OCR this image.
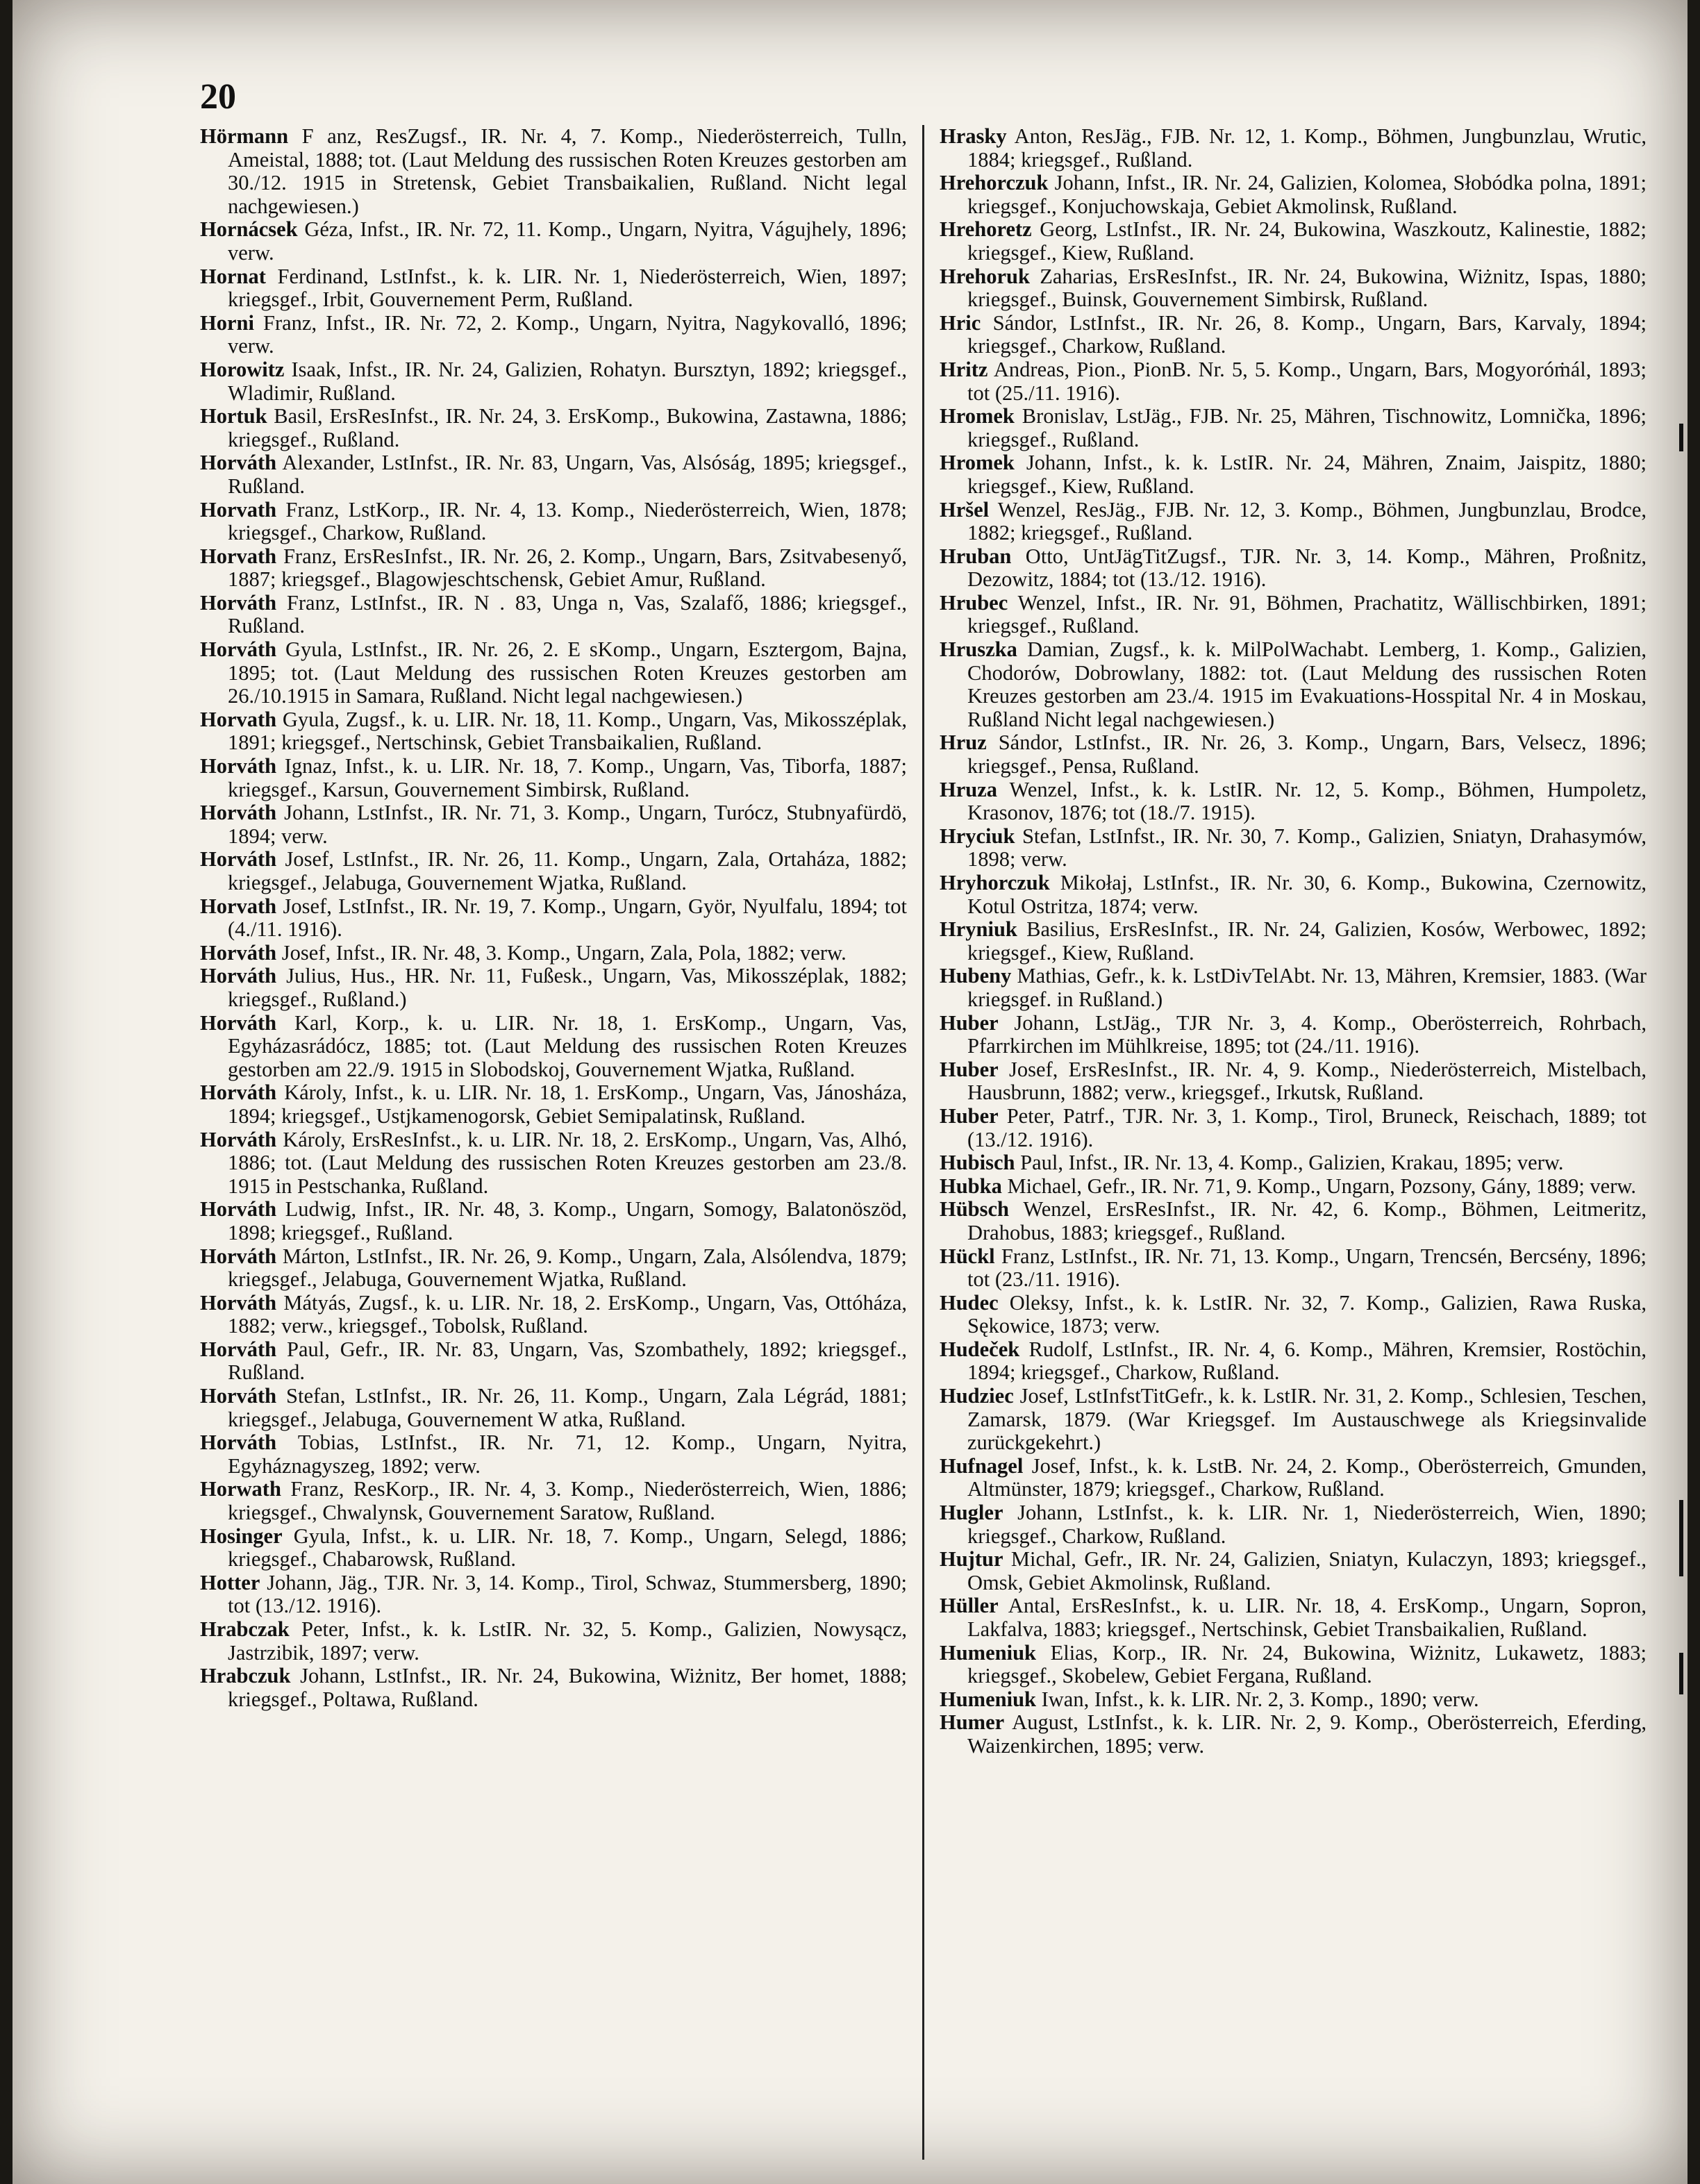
20

Hörmann F anz, ResZugsf., IR. Nr. 4, 7. Komp., Niederösterreich, Tulln, Ameistal, 1888; tot. (Laut Meldung des russischen Roten Kreuzes gestorben am 30./12. 1915 in Stretensk, Gebiet Transbaikalien, Rußland. Nicht legal nachgewiesen.)

Hornácsek Géza, Infst., IR. Nr. 72, 11. Komp., Ungarn, Nyitra, Vágujhely, 1896; verw.

Hornat Ferdinand, LstInfst., k. k. LIR. Nr. 1, Niederösterreich, Wien, 1897; kriegsgef., Irbit, Gouvernement Perm, Rußland.

Horni Franz, Infst., IR. Nr. 72, 2. Komp., Ungarn, Nyitra, Nagykovalló, 1896; verw.

Horowitz Isaak, Infst., IR. Nr. 24, Galizien, Rohatyn. Bursztyn, 1892; kriegsgef., Wladimir, Rußland.

Hortuk Basil, ErsResInfst., IR. Nr. 24, 3. ErsKomp., Bukowina, Zastawna, 1886; kriegsgef., Rußland.

Horváth Alexander, LstInfst., IR. Nr. 83, Ungarn, Vas, Alsóság, 1895; kriegsgef., Rußland.

Horvath Franz, LstKorp., IR. Nr. 4, 13. Komp., Niederösterreich, Wien, 1878; kriegsgef., Charkow, Rußland.

Horvath Franz, ErsResInfst., IR. Nr. 26, 2. Komp., Ungarn, Bars, Zsitvabesenyő, 1887; kriegsgef., Blagowjeschtschensk, Gebiet Amur, Rußland.

Horváth Franz, LstInfst., IR. N . 83, Unga n, Vas, Szalafő, 1886; kriegsgef., Rußland.

Horváth Gyula, LstInfst., IR. Nr. 26, 2. E sKomp., Ungarn, Esztergom, Bajna, 1895; tot. (Laut Meldung des russischen Roten Kreuzes gestorben am 26./10.1915 in Samara, Rußland. Nicht legal nachgewiesen.)

Horvath Gyula, Zugsf., k. u. LIR. Nr. 18, 11. Komp., Ungarn, Vas, Mikosszéplak, 1891; kriegsgef., Nertschinsk, Gebiet Transbaikalien, Rußland.

Horváth Ignaz, Infst., k. u. LIR. Nr. 18, 7. Komp., Ungarn, Vas, Tiborfa, 1887; kriegsgef., Karsun, Gouvernement Simbirsk, Rußland.

Horváth Johann, LstInfst., IR. Nr. 71, 3. Komp., Ungarn, Turócz, Stubnyafürdö, 1894; verw.

Horváth Josef, LstInfst., IR. Nr. 26, 11. Komp., Ungarn, Zala, Ortaháza, 1882; kriegsgef., Jelabuga, Gouvernement Wjatka, Rußland.

Horvath Josef, LstInfst., IR. Nr. 19, 7. Komp., Ungarn, Györ, Nyulfalu, 1894; tot (4./11. 1916).

Horváth Josef, Infst., IR. Nr. 48, 3. Komp., Ungarn, Zala, Pola, 1882; verw.

Horváth Julius, Hus., HR. Nr. 11, Fußesk., Ungarn, Vas, Mikosszéplak, 1882; kriegsgef., Rußland.)

Horváth Karl, Korp., k. u. LIR. Nr. 18, 1. ErsKomp., Ungarn, Vas, Egyházasrádócz, 1885; tot. (Laut Meldung des russischen Roten Kreuzes gestorben am 22./9. 1915 in Slobodskoj, Gouvernement Wjatka, Rußland.

Horváth Károly, Infst., k. u. LIR. Nr. 18, 1. ErsKomp., Ungarn, Vas, Jánosháza, 1894; kriegsgef., Ustjkamenogorsk, Gebiet Semipalatinsk, Rußland.

Horváth Károly, ErsResInfst., k. u. LIR. Nr. 18, 2. ErsKomp., Ungarn, Vas, Alhó, 1886; tot. (Laut Meldung des russischen Roten Kreuzes gestorben am 23./8. 1915 in Pestschanka, Rußland.

Horváth Ludwig, Infst., IR. Nr. 48, 3. Komp., Ungarn, Somogy, Balatonöszöd, 1898; kriegsgef., Rußland.

Horváth Márton, LstInfst., IR. Nr. 26, 9. Komp., Ungarn, Zala, Alsólendva, 1879; kriegsgef., Jelabuga, Gouvernement Wjatka, Rußland.

Horváth Mátyás, Zugsf., k. u. LIR. Nr. 18, 2. ErsKomp., Ungarn, Vas, Ottóháza, 1882; verw., kriegsgef., Tobolsk, Rußland.

Horváth Paul, Gefr., IR. Nr. 83, Ungarn, Vas, Szombathely, 1892; kriegsgef., Rußland.

Horváth Stefan, LstInfst., IR. Nr. 26, 11. Komp., Ungarn, Zala Légrád, 1881; kriegsgef., Jelabuga, Gouvernement W atka, Rußland.

Horváth Tobias, LstInfst., IR. Nr. 71, 12. Komp., Ungarn, Nyitra, Egyháznagyszeg, 1892; verw.

Horwath Franz, ResKorp., IR. Nr. 4, 3. Komp., Niederösterreich, Wien, 1886; kriegsgef., Chwalynsk, Gouvernement Saratow, Rußland.

Hosinger Gyula, Infst., k. u. LIR. Nr. 18, 7. Komp., Ungarn, Selegd, 1886; kriegsgef., Chabarowsk, Rußland.

Hotter Johann, Jäg., TJR. Nr. 3, 14. Komp., Tirol, Schwaz, Stummersberg, 1890; tot (13./12. 1916).

Hrabczak Peter, Infst., k. k. LstIR. Nr. 32, 5. Komp., Galizien, Nowysącz, Jastrzibik, 1897; verw.

Hrabczuk Johann, LstInfst., IR. Nr. 24, Bukowina, Wiżnitz, Ber homet, 1888; kriegsgef., Poltawa, Rußland.

Hrasky Anton, ResJäg., FJB. Nr. 12, 1. Komp., Böhmen, Jungbunzlau, Wrutic, 1884; kriegsgef., Rußland.

Hrehorczuk Johann, Infst., IR. Nr. 24, Galizien, Kolomea, Słobódka polna, 1891; kriegsgef., Konjuchowskaja, Gebiet Akmolinsk, Rußland.

Hrehoretz Georg, LstInfst., IR. Nr. 24, Bukowina, Waszkoutz, Kalinestie, 1882; kriegsgef., Kiew, Rußland.

Hrehoruk Zaharias, ErsResInfst., IR. Nr. 24, Bukowina, Wiżnitz, Ispas, 1880; kriegsgef., Buinsk, Gouvernement Simbirsk, Rußland.

Hric Sándor, LstInfst., IR. Nr. 26, 8. Komp., Ungarn, Bars, Karvaly, 1894; kriegsgef., Charkow, Rußland.

Hritz Andreas, Pion., PionB. Nr. 5, 5. Komp., Ungarn, Bars, Mogyoróṁál, 1893; tot (25./11. 1916).

Hromek Bronislav, LstJäg., FJB. Nr. 25, Mähren, Tischnowitz, Lomnička, 1896; kriegsgef., Rußland.

Hromek Johann, Infst., k. k. LstIR. Nr. 24, Mähren, Znaim, Jaispitz, 1880; kriegsgef., Kiew, Rußland.

Hršel Wenzel, ResJäg., FJB. Nr. 12, 3. Komp., Böhmen, Jungbunzlau, Brodce, 1882; kriegsgef., Rußland.

Hruban Otto, UntJägTitZugsf., TJR. Nr. 3, 14. Komp., Mähren, Proßnitz, Dezowitz, 1884; tot (13./12. 1916).

Hrubec Wenzel, Infst., IR. Nr. 91, Böhmen, Prachatitz, Wällischbirken, 1891; kriegsgef., Rußland.

Hruszka Damian, Zugsf., k. k. MilPolWachabt. Lemberg, 1. Komp., Galizien, Chodorów, Dobrowlany, 1882: tot. (Laut Meldung des russischen Roten Kreuzes gestorben am 23./4. 1915 im Evakuations-Hosspital Nr. 4 in Moskau, Rußland Nicht legal nachgewiesen.)

Hruz Sándor, LstInfst., IR. Nr. 26, 3. Komp., Ungarn, Bars, Velsecz, 1896; kriegsgef., Pensa, Rußland.

Hruza Wenzel, Infst., k. k. LstIR. Nr. 12, 5. Komp., Böhmen, Humpoletz, Krasonov, 1876; tot (18./7. 1915).

Hryciuk Stefan, LstInfst., IR. Nr. 30, 7. Komp., Galizien, Sniatyn, Drahasymów, 1898; verw.

Hryhorczuk Mikołaj, LstInfst., IR. Nr. 30, 6. Komp., Bukowina, Czernowitz, Kotul Ostritza, 1874; verw.

Hryniuk Basilius, ErsResInfst., IR. Nr. 24, Galizien, Kosów, Werbowec, 1892; kriegsgef., Kiew, Rußland.

Hubeny Mathias, Gefr., k. k. LstDivTelAbt. Nr. 13, Mähren, Kremsier, 1883. (War kriegsgef. in Rußland.)

Huber Johann, LstJäg., TJR Nr. 3, 4. Komp., Oberösterreich, Rohrbach, Pfarrkirchen im Mühlkreise, 1895; tot (24./11. 1916).

Huber Josef, ErsResInfst., IR. Nr. 4, 9. Komp., Niederösterreich, Mistelbach, Hausbrunn, 1882; verw., kriegsgef., Irkutsk, Rußland.

Huber Peter, Patrf., TJR. Nr. 3, 1. Komp., Tirol, Bruneck, Reischach, 1889; tot (13./12. 1916).

Hubisch Paul, Infst., IR. Nr. 13, 4. Komp., Galizien, Krakau, 1895; verw.

Hubka Michael, Gefr., IR. Nr. 71, 9. Komp., Ungarn, Pozsony, Gány, 1889; verw.

Hübsch Wenzel, ErsResInfst., IR. Nr. 42, 6. Komp., Böhmen, Leitmeritz, Drahobus, 1883; kriegsgef., Rußland.

Hückl Franz, LstInfst., IR. Nr. 71, 13. Komp., Ungarn, Trencsén, Bercsény, 1896; tot (23./11. 1916).

Hudec Oleksy, Infst., k. k. LstIR. Nr. 32, 7. Komp., Galizien, Rawa Ruska, Sękowice, 1873; verw.

Hudeček Rudolf, LstInfst., IR. Nr. 4, 6. Komp., Mähren, Kremsier, Rostöchin, 1894; kriegsgef., Charkow, Rußland.

Hudziec Josef, LstInfstTitGefr., k. k. LstIR. Nr. 31, 2. Komp., Schlesien, Teschen, Zamarsk, 1879. (War Kriegsgef. Im Austauschwege als Kriegsinvalide zurückgekehrt.)

Hufnagel Josef, Infst., k. k. LstB. Nr. 24, 2. Komp., Oberösterreich, Gmunden, Altmünster, 1879; kriegsgef., Charkow, Rußland.

Hugler Johann, LstInfst., k. k. LIR. Nr. 1, Niederösterreich, Wien, 1890; kriegsgef., Charkow, Rußland.

Hujtur Michal, Gefr., IR. Nr. 24, Galizien, Sniatyn, Kulaczyn, 1893; kriegsgef., Omsk, Gebiet Akmolinsk, Rußland.

Hüller Antal, ErsResInfst., k. u. LIR. Nr. 18, 4. ErsKomp., Ungarn, Sopron, Lakfalva, 1883; kriegsgef., Nertschinsk, Gebiet Transbaikalien, Rußland.

Humeniuk Elias, Korp., IR. Nr. 24, Bukowina, Wiżnitz, Lukawetz, 1883; kriegsgef., Skobelew, Gebiet Fergana, Rußland.

Humeniuk Iwan, Infst., k. k. LIR. Nr. 2, 3. Komp., 1890; verw.

Humer August, LstInfst., k. k. LIR. Nr. 2, 9. Komp., Oberösterreich, Eferding, Waizenkirchen, 1895; verw.
